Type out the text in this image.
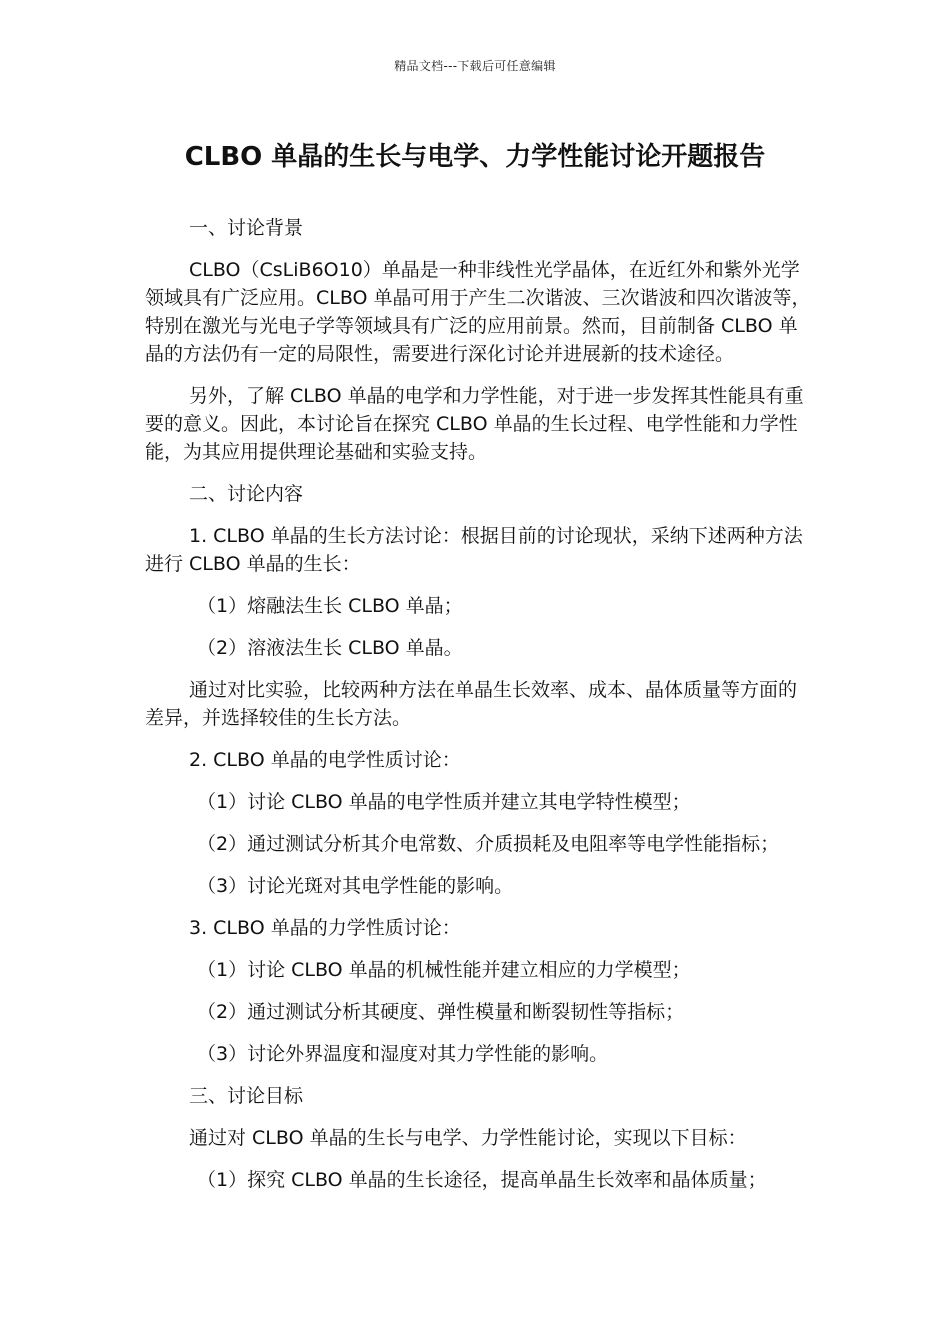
精品文档---下载后可任意编辑
CLBO 单晶的生长与电学、力学性能讨论开题报告

一、讨论背景

CLBO（CsLiB6O10）单晶是一种非线性光学晶体，在近红外和紫外光学领域具有广泛应用。CLBO 单晶可用于产生二次谐波、三次谐波和四次谐波等，特别在激光与光电子学等领域具有广泛的应用前景。然而，目前制备 CLBO 单晶的方法仍有一定的局限性，需要进行深化讨论并进展新的技术途径。

另外，了解 CLBO 单晶的电学和力学性能，对于进一步发挥其性能具有重要的意义。因此，本讨论旨在探究 CLBO 单晶的生长过程、电学性能和力学性能，为其应用提供理论基础和实验支持。

二、讨论内容

1. CLBO 单晶的生长方法讨论：根据目前的讨论现状，采纳下述两种方法进行 CLBO 单晶的生长：

（1）熔融法生长 CLBO 单晶；

（2）溶液法生长 CLBO 单晶。

通过对比实验，比较两种方法在单晶生长效率、成本、晶体质量等方面的差异，并选择较佳的生长方法。

2. CLBO 单晶的电学性质讨论：

（1）讨论 CLBO 单晶的电学性质并建立其电学特性模型；

（2）通过测试分析其介电常数、介质损耗及电阻率等电学性能指标；

（3）讨论光斑对其电学性能的影响。

3. CLBO 单晶的力学性质讨论：

（1）讨论 CLBO 单晶的机械性能并建立相应的力学模型；

（2）通过测试分析其硬度、弹性模量和断裂韧性等指标；

（3）讨论外界温度和湿度对其力学性能的影响。

三、讨论目标

通过对 CLBO 单晶的生长与电学、力学性能讨论，实现以下目标：

（1）探究 CLBO 单晶的生长途径，提高单晶生长效率和晶体质量；
